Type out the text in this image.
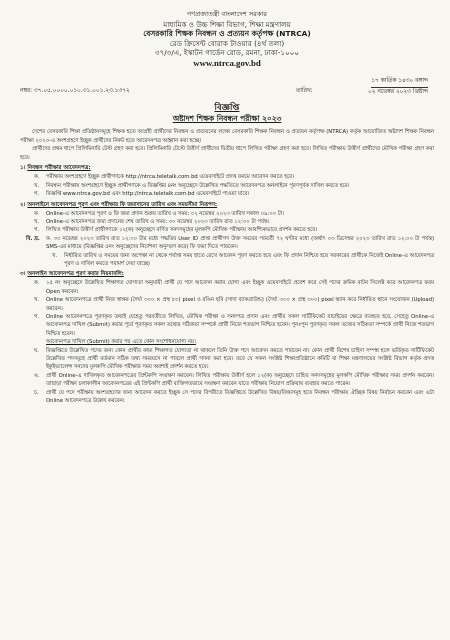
গণপ্রজাতন্ত্রী বাংলাদেশ সরকার
মাধ্যমিক ও উচ্চ শিক্ষা বিভাগ, শিক্ষা মন্ত্রণালয়
বেসরকারি শিক্ষক নিবন্ধন ও প্রত্যয়ন কর্তৃপক্ষ (NTRCA)
রেড ক্রিসেন্ট বোরাক টাওয়ার (৪র্থ তলা)
৩৭/৩/এ, ইস্কাটন গার্ডেন রোড, রমনা, ঢাকা-১০০০
www.ntrca.gov.bd
নম্বর: ৩৭.০৫.০০০০.০১০.৩১.০০১.২৩.১৩৭২	তারিখ:
১৭ কার্তিক ১৪৩০ বঙ্গাব্দ
০২ নভেম্বর ২০২৩ খ্রিষ্টাব্দ
বিজ্ঞপ্তি
অষ্টাদশ শিক্ষক নিবন্ধন পরীক্ষা ২০২৩
দেশের বেসরকারি শিক্ষা প্রতিষ্ঠানসমূহে শিক্ষক হতে আগ্রহী প্রার্থীদের নিবন্ধন ও প্রত্যয়নের লক্ষ্যে বেসরকারি শিক্ষক নিবন্ধন ও প্রত্যয়ন কর্তৃপক্ষ (NTRCA) কর্তৃক আয়োজিত অষ্টাদশ শিক্ষক নিবন্ধন পরীক্ষা ২০২৩-এ অংশগ্রহণে ইচ্ছুক প্রার্থীদের নিকট হতে আবেদনপত্র আহ্বান করা হচ্ছে।
প্রার্থীদের প্রথম ধাপে প্রিলিমিনারি টেস্ট গ্রহণ করা হবে। প্রিলিমিনারি টেস্টে উত্তীর্ণ প্রার্থীদের দ্বিতীয় ধাপে লিখিত পরীক্ষা গ্রহণ করা হবে। লিখিত পরীক্ষায় উত্তীর্ণ প্রার্থীদের মৌখিক পরীক্ষা গ্রহণ করা হবে।
১। নিবন্ধন পরীক্ষার আবেদনপত্র:
ক. পরীক্ষায় অংশগ্রহণে ইচ্ছুক প্রার্থীগণকে http://ntrca.teletalk.com.bd ওয়েবসাইটে প্রদত্ত ফরমে আবেদন করতে হবে।
খ. নিবন্ধন পরীক্ষায় অংশগ্রহণে ইচ্ছুক প্রার্থীগণকে এ বিজ্ঞপ্তির ৪নং অনুচ্ছেদে উল্লেখিত পদ্ধতিতে আবেদনপত্র অনলাইনে পূরণপূর্বক দাখিল করতে হবে।
গ. বিজ্ঞপ্তি www.ntrca.gov.bd এবং http://ntrca.teletalk.com.bd ওয়েবসাইটে পাওয়া যাবে।
২। অনলাইনে আবেদনপত্র পূরণ এবং পরীক্ষার ফি জমাদানের তারিখ এবং সময়সীমা নিরূপণ:
ক. Online-এ আবেদনপত্র পূরণ ও ফি জমা প্রদান শুরুর তারিখ ও সময়: ০২ নভেম্বর ২০২৩ তারিখ সকাল ০৯:০০ টা।
খ. Online-এ আবেদনপত্র জমা প্রদানের শেষ তারিখ ও সময়: ৩০ নভেম্বর ২০২৩ তারিখ রাত ১২:০০ টা পর্যন্ত।
গ. লিখিত পরীক্ষায় উত্তীর্ণ প্রার্থীগণকে ১২(ক) অনুচ্ছেদে বর্ণিত সনদসমূহের মূলকপি মৌখিক পরীক্ষায় আবশ্যিকভাবে প্রদর্শন করতে হবে।
বি. দ্র. ক. ৩০ নভেম্বর ২০২৩ তারিখ রাত ১২:০০ টার মধ্যে পদ্ধতির User ID প্রাপ্ত প্রার্থীগণ উক্ত সময়ের পরবর্তী ৭২ ঘণ্টার মধ্যে (অর্থাৎ ০৩ ডিসেম্বর ২০২৩ তারিখ রাত ১২:০০ টা পর্যন্ত) SMS-এর মাধ্যমে (বিজ্ঞপ্তির ৫নং অনুচ্ছেদের নির্দেশনা অনুসরণ করে) ফি জমা দিতে পারবেন।
খ. নির্ধারিত তারিখ ও সময়ের জন্য অপেক্ষা না থেকে পর্যাপ্ত সময় হাতে রেখে আবেদন পূরণ করতে হবে এবং ফি প্রদান নিশ্চিত হয়ে সরকারের প্রার্থীকে নিজেই Online-এ আবেদনপত্র পূরণ ও দাখিল করতে পরামর্শ দেয়া যাচ্ছে।
৩। অনলাইন আবেদনপত্র পূরণ করার নিয়মাবলি:
ক. ১৫ নং অনুচ্ছেদে উল্লেখিত শিক্ষাগত যোগ্যতা অনুযায়ী প্রার্থী যে পদে আবেদন করার যোগ্য এবং ইচ্ছুক ওয়েবসাইটে প্রবেশ করে সেই পদের ক্রমিক বাটন সিলেক্ট করে আবেদনপত্র ফরম Open করবেন।
খ. Online আবেদনপত্রে প্রার্থী নিজ স্বাক্ষর (দৈর্ঘ্য ৩০০ × প্রস্থ ৮০) pixel ও রঙিন ছবি (সাদা ব্যাকগ্রাউন্ড) (দৈর্ঘ্য ৩০০ × প্রস্থ ৩০০) pixel স্ক্যান করে নির্ধারিত স্থানে সংযোজন (Upload) করবেন।
গ. Online আবেদনপত্রে পূরণকৃত তথ্যই যেহেতু পরবর্তীতে লিখিত, মৌখিক পরীক্ষা ও সনদপত্র প্রদান এবং প্রার্থীর সকল সার্টিফিকেট যাচাইয়ের ক্ষেত্রে ব্যবহৃত হবে, সেহেতু Online-এ আবেদনপত্র দাখিল (Submit) করার পূর্বে পূরণকৃত সকল তথ্যের সঠিকতা সম্পর্কে প্রার্থী নিজে শতভাগ নিশ্চিত হবেন। পুনঃপুন পুরণকৃত সকল তথ্যের সঠিকতা সম্পর্কে প্রার্থী নিজে শতভাগ নিশ্চিত হবেন।
আবেদনপত্র দাখিল (Submit) করার পর এতে কোন সংশোধনযোগ্য নয়।
ঘ. বিজ্ঞপ্তিতে উল্লেখিত পদের জন্য কোন প্রার্থীর কাম্য শিক্ষাগত যোগ্যতা না থাকলে তিনি উক্ত পদে আবেদন করতে পারবেন না। কোন প্রার্থী বিশেষ চাহিদা সম্পন্ন হলে ভর্তিকৃত সার্টিফিকেট উল্লেখিত পদসমূহে প্রার্থী বর্তমান সঠিক তথ্য সমবয়সে না পারলে প্রার্থী গণনা করা হবে। তবে যে সকল সংশ্লিষ্ট শিক্ষাপ্রতিষ্ঠানে কমিটি বা শিক্ষা মন্ত্রণালয়ের সংশ্লিষ্ট বিভাগ কর্তৃক প্রদত্ত ইকুইভ্যালেন্স সনদের মূলকপি মৌখিক পরীক্ষার সময় অবশ্যই প্রদর্শন করতে হবে।
ঙ. প্রার্থী Online-এ দাখিলকৃত আবেদনপত্রের প্রিন্টকপি সংরক্ষণ করবেন। লিখিত পরীক্ষায় উত্তীর্ণ হলে ১২(ক) অনুচ্ছেদে চাহিত সনদসমূহের মূলকপি মৌখিক পরীক্ষার সময় প্রদর্শন করবেন। তাছাড়া পরীক্ষা চলাকালীন আবেদনপত্রের এই প্রিন্টকপি প্রার্থী ব্যক্তিগতভাবে সংরক্ষণ করবেন যাতে পরীক্ষায় নিয়োগ প্রক্রিয়ায় ব্যবহার করতে পারেন।
চ. প্রার্থী যে পদে পরীক্ষায় অংশগ্রহণের জন্য আবেদন করতে ইচ্ছুক সে পদের বিপরীতে বিজ্ঞপ্তিতে উল্লেখিত বিষয়/বিষয়সমূহ হতে নিবন্ধন পরীক্ষায় ঐচ্ছিক বিষয় নির্বাচন করবেন এবং এটা Online আবেদনপত্রে উল্লেখ করবেন।
